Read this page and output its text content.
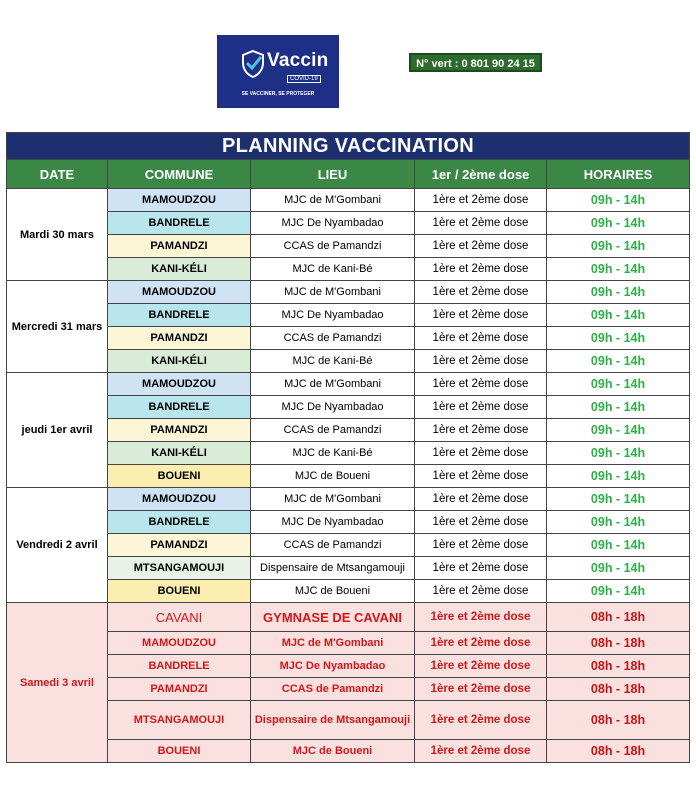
Vaccin
COVID-19
SE VACCINER, SE PROTEGER
N° vert : 0 801 90 24 15
PLANNING VACCINATION				
DATE	COMMUNE	LIEU	1er / 2ème dose	HORAIRES
Mardi 30 mars	MAMOUDZOU	MJC de M'Gombani	1ère et 2ème dose	09h - 14h
	BANDRELE	MJC De Nyambadao	1ère et 2ème dose	09h - 14h
	PAMANDZI	CCAS de Pamandzi	1ère et 2ème dose	09h - 14h
	KANI-KÉLI	MJC de Kani-Bé	1ère et 2ème dose	09h - 14h
Mercredi 31 mars	MAMOUDZOU	MJC de M'Gombani	1ère et 2ème dose	09h - 14h
	BANDRELE	MJC De Nyambadao	1ère et 2ème dose	09h - 14h
	PAMANDZI	CCAS de Pamandzi	1ère et 2ème dose	09h - 14h
	KANI-KÉLI	MJC de Kani-Bé	1ère et 2ème dose	09h - 14h
jeudi 1er avril	MAMOUDZOU	MJC de M'Gombani	1ère et 2ème dose	09h - 14h
	BANDRELE	MJC De Nyambadao	1ère et 2ème dose	09h - 14h
	PAMANDZI	CCAS de Pamandzi	1ère et 2ème dose	09h - 14h
	KANI-KÉLI	MJC de Kani-Bé	1ère et 2ème dose	09h - 14h
	BOUENI	MJC de Boueni	1ère et 2ème dose	09h - 14h
Vendredi 2 avril	MAMOUDZOU	MJC de M'Gombani	1ère et 2ème dose	09h - 14h
	BANDRELE	MJC De Nyambadao	1ère et 2ème dose	09h - 14h
	PAMANDZI	CCAS de Pamandzi	1ère et 2ème dose	09h - 14h
	MTSANGAMOUJI	Dispensaire de Mtsangamouji	1ère et 2ème dose	09h - 14h
	BOUENI	MJC de Boueni	1ère et 2ème dose	09h - 14h
Samedi 3 avril	CAVANI	GYMNASE DE CAVANI	1ère et 2ème dose	08h - 18h
	MAMOUDZOU	MJC de M'Gombani	1ère et 2ème dose	08h - 18h
	BANDRELE	MJC De Nyambadao	1ère et 2ème dose	08h - 18h
	PAMANDZI	CCAS de Pamandzi	1ère et 2ème dose	08h - 18h
	MTSANGAMOUJI	Dispensaire de Mtsangamouji	1ère et 2ème dose	08h - 18h
	BOUENI	MJC de Boueni	1ère et 2ème dose	08h - 18h
